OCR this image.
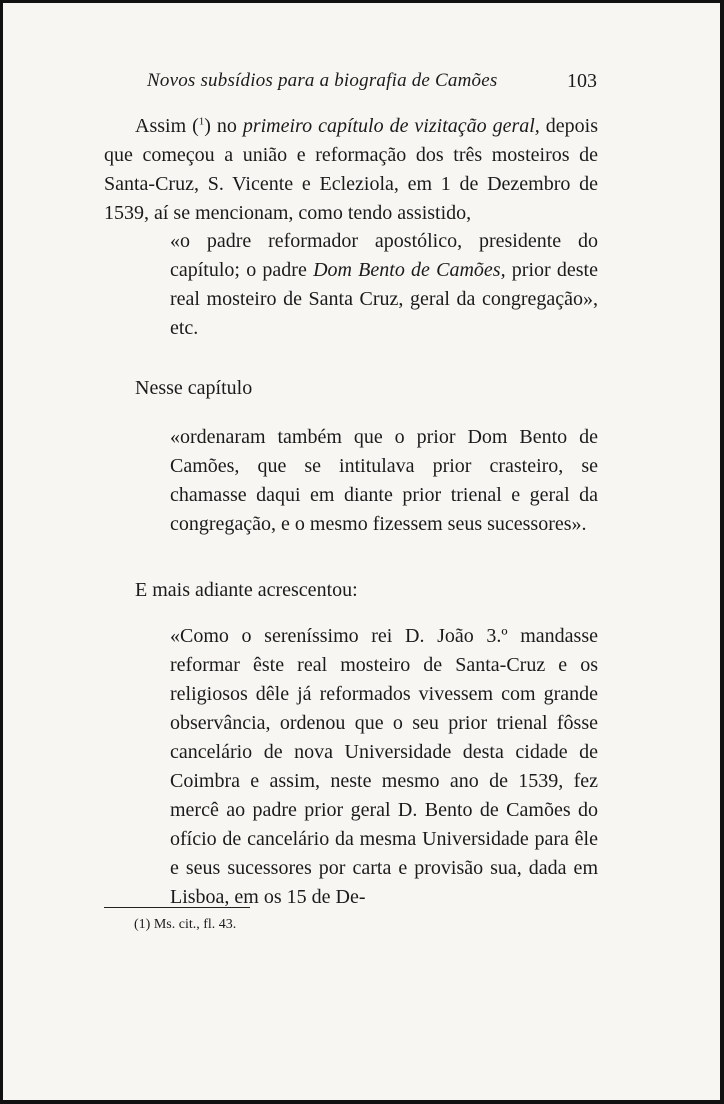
Novos subsídios para a biografia de Camões	103

Assim ($^1$) no primeiro capítulo de vizitação geral, depois que começou a união e reformação dos três mosteiros de Santa-Cruz, S. Vicente e Ecleziola, em 1 de Dezembro de 1539, aí se mencionam, como tendo assistido,

«o padre reformador apostólico, presidente do capítulo; o padre Dom Bento de Camões, prior deste real mosteiro de Santa Cruz, geral da congregação», etc.

Nesse capítulo

«ordenaram também que o prior Dom Bento de Camões, que se intitulava prior crasteiro, se chamasse daqui em diante prior trienal e geral da congregação, e o mesmo fizessem seus sucessores».

E mais adiante acrescentou:

«Como o sereníssimo rei D. João 3.º mandasse reformar êste real mosteiro de Santa-Cruz e os religiosos dêle já reformados vivessem com grande observância, ordenou que o seu prior trienal fôsse cancelário de nova Universidade desta cidade de Coimbra e assim, neste mesmo ano de 1539, fez mercê ao padre prior geral D. Bento de Camões do ofício de cancelário da mesma Universidade para êle e seus sucessores por carta e provisão sua, dada em Lisboa, em os 15 de De-

(1) Ms. cit., fl. 43.
